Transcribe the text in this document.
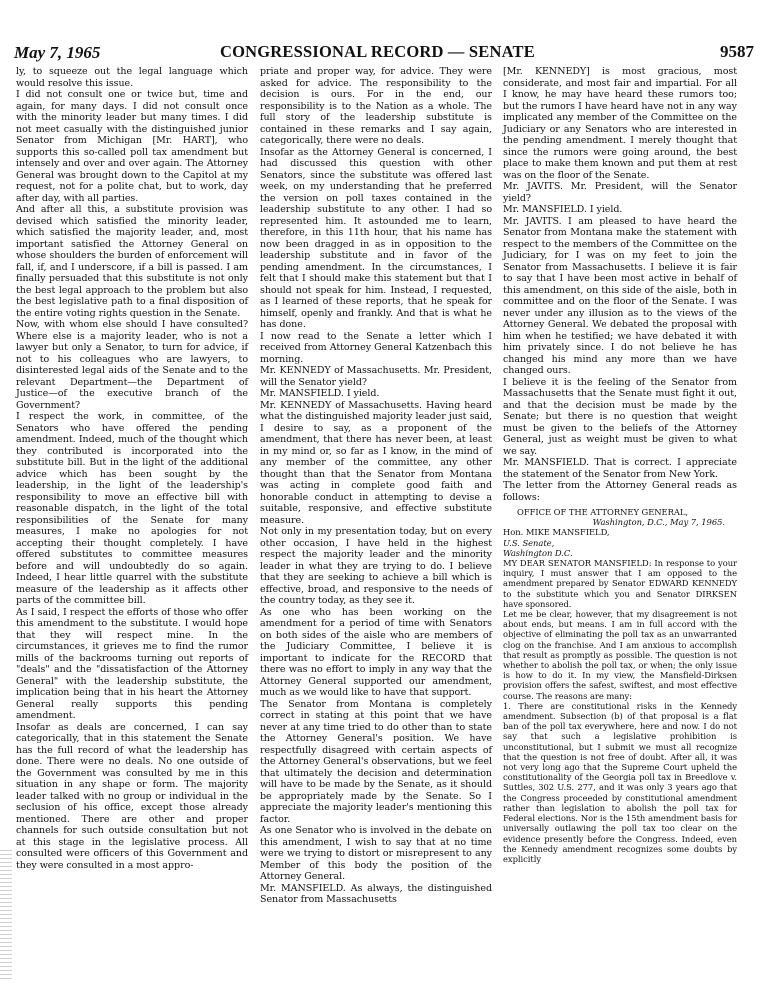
May 7, 1965	CONGRESSIONAL RECORD — SENATE	9587

ly, to squeeze out the legal language which would resolve this issue.

I did not consult one or twice but, time and again, for many days. I did not consult once with the minority leader but many times. I did not meet casually with the distinguished junior Senator from Michigan [Mr. HART], who supports this so-called poll tax amendment but intensely and over and over again. The Attorney General was brought down to the Capitol at my request, not for a polite chat, but to work, day after day, with all parties.

And after all this, a substitute provision was devised which satisfied the minority leader, which satisfied the majority leader, and, most important satisfied the Attorney General on whose shoulders the burden of enforcement will fall, if, and I underscore, if a bill is passed. I am finally persuaded that this substitute is not only the best legal approach to the problem but also the best legislative path to a final disposition of the entire voting rights question in the Senate.

Now, with whom else should I have consulted? Where else is a majority leader, who is not a lawyer but only a Senator, to turn for advice, if not to his colleagues who are lawyers, to disinterested legal aids of the Senate and to the relevant Department—the Department of Justice—of the executive branch of the Government?

I respect the work, in committee, of the Senators who have offered the pending amendment. Indeed, much of the thought which they contributed is incorporated into the substitute bill. But in the light of the additional advice which has been sought by the leadership, in the light of the leadership's responsibility to move an effective bill with reasonable dispatch, in the light of the total responsibilities of the Senate for many measures, I make no apologies for not accepting their thought completely. I have offered substitutes to committee measures before and will undoubtedly do so again. Indeed, I hear little quarrel with the substitute measure of the leadership as it affects other parts of the committee bill.

As I said, I respect the efforts of those who offer this amendment to the substitute. I would hope that they will respect mine. In the circumstances, it grieves me to find the rumor mills of the backrooms turning out reports of "deals" and the "dissatisfaction of the Attorney General" with the leadership substitute, the implication being that in his heart the Attorney General really supports this pending amendment.

Insofar as deals are concerned, I can say categorically, that in this statement the Senate has the full record of what the leadership has done. There were no deals. No one outside of the Government was consulted by me in this situation in any shape or form. The majority leader talked with no group or individual in the seclusion of his office, except those already mentioned. There are other and proper channels for such outside consultation but not at this stage in the legislative process. All consulted were officers of this Government and they were consulted in a most appro-

priate and proper way, for advice. They were asked for advice. The responsibility to the decision is ours. For in the end, our responsibility is to the Nation as a whole. The full story of the leadership substitute is contained in these remarks and I say again, categorically, there were no deals.

Insofar as the Attorney General is concerned, I had discussed this question with other Senators, since the substitute was offered last week, on my understanding that he preferred the version on poll taxes contained in the leadership substitute to any other. I had so represented him. It astounded me to learn, therefore, in this 11th hour, that his name has now been dragged in as in opposition to the leadership substitute and in favor of the pending amendment. In the circumstances, I felt that I should make this statement but that I should not speak for him. Instead, I requested, as I learned of these reports, that he speak for himself, openly and frankly. And that is what he has done.

I now read to the Senate a letter which I received from Attorney General Katzenbach this morning.

Mr. KENNEDY of Massachusetts. Mr. President, will the Senator yield?

Mr. MANSFIELD. I yield.

Mr. KENNEDY of Massachusetts. Having heard what the distinguished majority leader just said, I desire to say, as a proponent of the amendment, that there has never been, at least in my mind or, so far as I know, in the mind of any member of the committee, any other thought than that the Senator from Montana was acting in complete good faith and honorable conduct in attempting to devise a suitable, responsive, and effective substitute measure.

Not only in my presentation today, but on every other occasion, I have held in the highest respect the majority leader and the minority leader in what they are trying to do. I believe that they are seeking to achieve a bill which is effective, broad, and responsive to the needs of the country today, as they see it.

As one who has been working on the amendment for a period of time with Senators on both sides of the aisle who are members of the Judiciary Committee, I believe it is important to indicate for the RECORD that there was no effort to imply in any way that the Attorney General supported our amendment, much as we would like to have that support.

The Senator from Montana is completely correct in stating at this point that we have never at any time tried to do other than to state the Attorney General's position. We have respectfully disagreed with certain aspects of the Attorney General's observations, but we feel that ultimately the decision and determination will have to be made by the Senate, as it should be appropriately made by the Senate. So I appreciate the majority leader's mentioning this factor.

As one Senator who is involved in the debate on this amendment, I wish to say that at no time were we trying to distort or misrepresent to any Member of this body the position of the Attorney General.

Mr. MANSFIELD. As always, the distinguished Senator from Massachusetts

[Mr. KENNEDY] is most gracious, most considerate, and most fair and impartial. For all I know, he may have heard these rumors too; but the rumors I have heard have not in any way implicated any member of the Committee on the Judiciary or any Senators who are interested in the pending amendment. I merely thought that since the rumors were going around, the best place to make them known and put them at rest was on the floor of the Senate.

Mr. JAVITS. Mr. President, will the Senator yield?

Mr. MANSFIELD. I yield.

Mr. JAVITS. I am pleased to have heard the Senator from Montana make the statement with respect to the members of the Committee on the Judiciary, for I was on my feet to join the Senator from Massachusetts. I believe it is fair to say that I have been most active in behalf of this amendment, on this side of the aisle, both in committee and on the floor of the Senate. I was never under any illusion as to the views of the Attorney General. We debated the proposal with him when he testified; we have debated it with him privately since. I do not believe he has changed his mind any more than we have changed ours.

I believe it is the feeling of the Senator from Massachusetts that the Senate must fight it out, and that the decision must be made by the Senate; but there is no question that weight must be given to the beliefs of the Attorney General, just as weight must be given to what we say.

Mr. MANSFIELD. That is correct. I appreciate the statement of the Senator from New York.

The letter from the Attorney General reads as follows:

OFFICE OF THE ATTORNEY GENERAL,

Washington, D.C., May 7, 1965.

Hon. MIKE MANSFIELD,

U.S. Senate,

Washington D.C.

MY DEAR SENATOR MANSFIELD: In response to your inquiry, I must answer that I am opposed to the amendment prepared by Senator EDWARD KENNEDY to the substitute which you and Senator DIRKSEN have sponsored.

Let me be clear, however, that my disagreement is not about ends, but means. I am in full accord with the objective of eliminating the poll tax as an unwarranted clog on the franchise. And I am anxious to accomplish that result as promptly as possible. The question is not whether to abolish the poll tax, or when; the only issue is how to do it. In my view, the Mansfield-Dirksen provision offers the safest, swiftest, and most effective course. The reasons are many:

1. There are constitutional risks in the Kennedy amendment. Subsection (b) of that proposal is a flat ban of the poll tax everywhere, here and now. I do not say that such a legislative prohibition is unconstitutional, but I submit we must all recognize that the question is not free of doubt. After all, it was not very long ago that the Supreme Court upheld the constitutionality of the Georgia poll tax in Breedlove v. Suttles, 302 U.S. 277, and it was only 3 years ago that the Congress proceeded by constitutional amendment rather than legislation to abolish the poll tax for Federal elections. Nor is the 15th amendment basis for universally outlawing the poll tax too clear on the evidence presently before the Congress. Indeed, even the Kennedy amendment recognizes some doubts by explicitly
